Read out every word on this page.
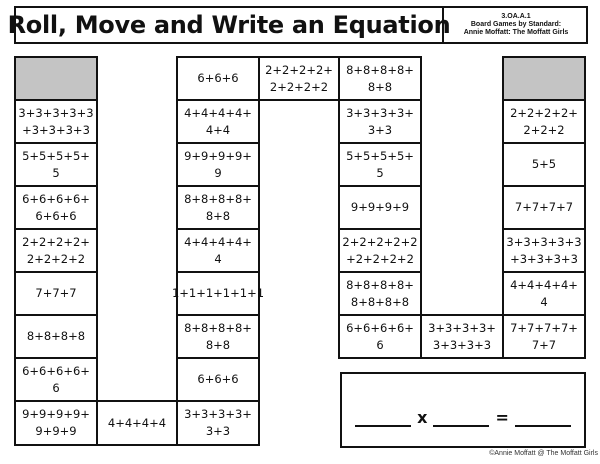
Roll, Move and Write an Equation	3.OA.A.1
Board Games by Standard:
Annie Moffatt: The Moffatt Girls
3+3+3+3+3
+3+3+3+3
5+5+5+5+
5
6+6+6+6+
6+6+6
2+2+2+2+
2+2+2+2
7+7+7
8+8+8+8
6+6+6+6+
6
9+9+9+9+
9+9+9
4+4+4+4
3+3+3+3+
3+3
6+6+6
8+8+8+8+
8+8
1+1+1+1+1+1
4+4+4+4+
4
8+8+8+8+
8+8
9+9+9+9+
9
4+4+4+4+
4+4
6+6+6
2+2+2+2+
2+2+2+2
8+8+8+8+
8+8
3+3+3+3+
3+3
5+5+5+5+
5
9+9+9+9
2+2+2+2+2
+2+2+2+2
8+8+8+8+
8+8+8+8
6+6+6+6+
6
3+3+3+3+
3+3+3+3
7+7+7+7+
7+7
4+4+4+4+
4
3+3+3+3+3
+3+3+3+3
7+7+7+7
5+5
2+2+2+2+
2+2+2
x	=
©Annie Moffatt @ The Moffatt Girls
